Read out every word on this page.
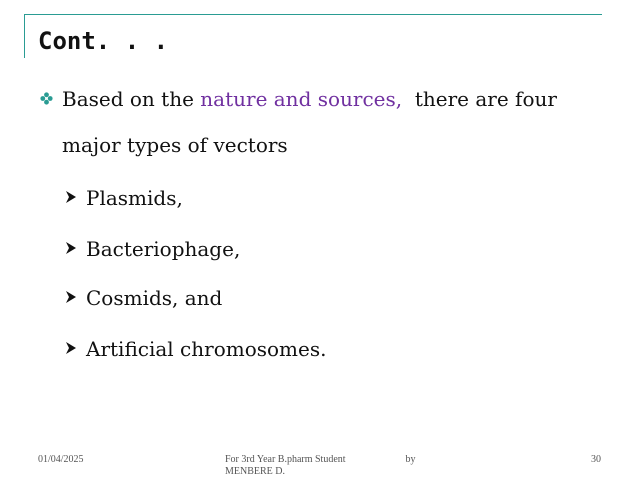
Cont. . .
Based on the nature and sources,  there are four
major types of vectors
Plasmids,
Bacteriophage,
Cosmids, and
Artificial chromosomes.
01/04/2025	For 3rd Year B.pharm Student                        by
MENBERE D.
30
